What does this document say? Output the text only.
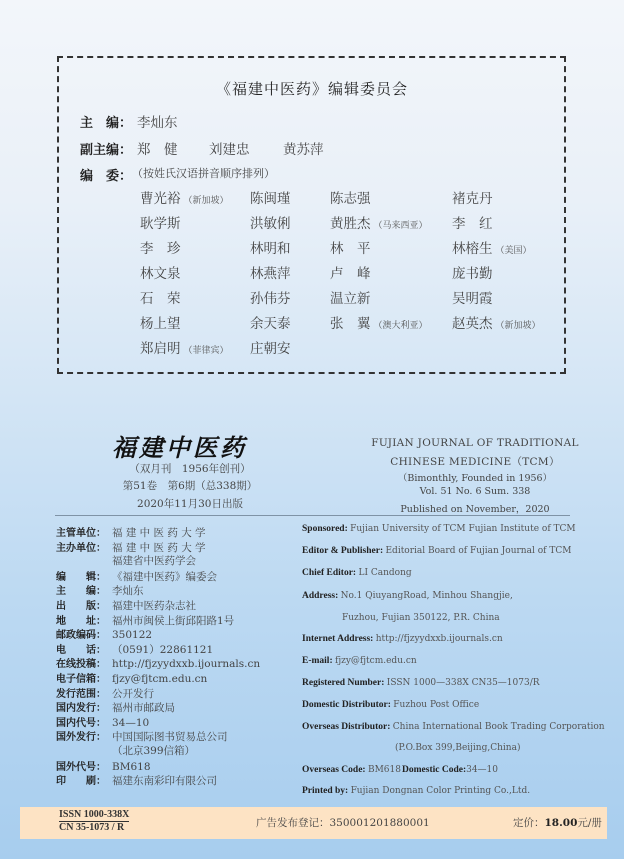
《福建中医药》编辑委员会
主　编： 李灿东
副主编： 郑　健 刘建忠 黄苏萍
编　委： （按姓氏汉语拼音顺序排列）
曹光裕 （新加坡） 陈闽瑾	陈志强	褚克丹
耿学斯	洪敏俐	黄胜杰 （马来西亚） 李　红
李　珍	林明和	林　平	林榕生 （美国）
林文泉	林燕萍	卢　峰	庞书勤
石　荣	孙伟芬	温立新	吴明霞
杨上望	余天泰	张　翼 （澳大利亚） 赵英杰 （新加坡）
郑启明 （菲律宾） 庄朝安
福建中医药
（双月刊　1956年创刊）
第51卷　第6期（总338期）
2020年11月30日出版
FUJIAN JOURNAL OF TRADITIONAL
CHINESE MEDICINE（TCM）
（Bimonthly, Founded in 1956）
Vol. 51 No. 6 Sum. 338
Published on November，2020
主管单位： 福 建 中 医 药 大 学
主办单位： 福 建 中 医 药 大 学
福建省中医药学会
编　　辑： 《福建中医药》编委会
主　　编： 李灿东
出　　版： 福建中医药杂志社
地　　址： 福州市闽侯上街邱阳路1号
邮政编码： 350122
电　　话： （0591）22861121
在线投稿： http://fjzyydxxb.ijournals.cn
电子信箱： fjzy@fjtcm.edu.cn
发行范围： 公开发行
国内发行： 福州市邮政局
国内代号： 34—10
国外发行： 中国国际图书贸易总公司
（北京399信箱）
国外代号： BM618
印　　刷： 福建东南彩印有限公司
Sponsored: Fujian University of TCM Fujian Institute of TCM
Editor & Publisher: Editorial Board of Fujian Journal of TCM
Chief Editor: LI Candong
Address: No.1 QiuyangRoad, Minhou Shangjie,
Fuzhou, Fujian 350122, P.R. China
Internet Address: http://fjzyydxxb.ijournals.cn
E-mail: fjzy@fjtcm.edu.cn
Registered Number: ISSN 1000—338X CN35—1073/R
Domestic Distributor: Fuzhou Post Office
Overseas Distributor: China International Book Trading Corporation
(P.O.Box 399,Beijing,China)
Overseas Code: BM618
Printed by: Fujian Dongnan Color Printing Co.,Ltd.
Domestic Code:34—10
ISSN 1000-338X
CN 35-1073 / R	广告发布登记：350001201880001	定价：18.00元/册
